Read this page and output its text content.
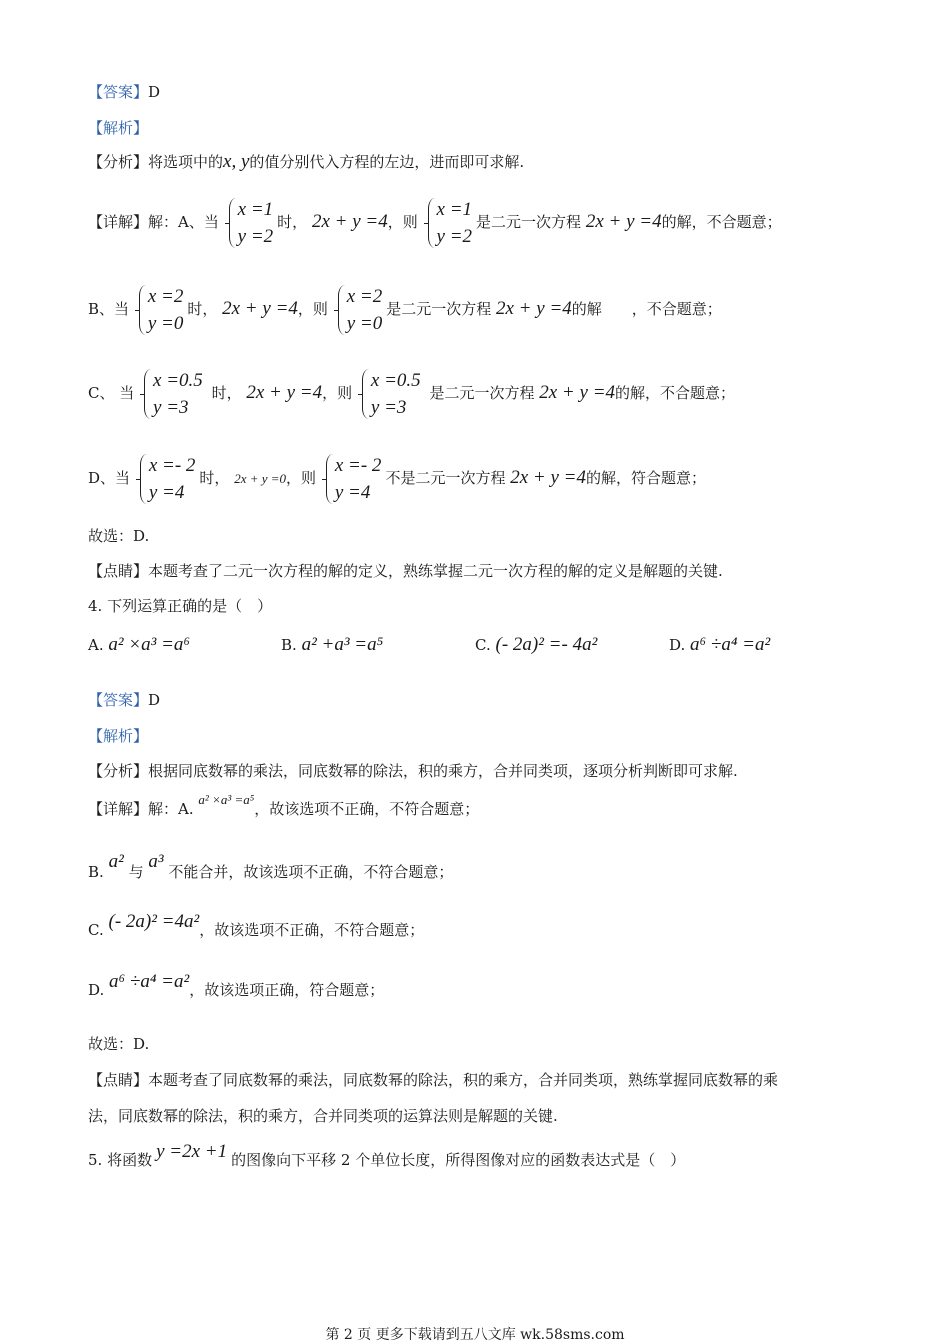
【答案】D
【解析】
【分析】将选项中的x, y的值分别代入方程的左边，进而即可求解.
【详解】解：A、当
x =1
y =2
时， 2x + y =4，则
x =1
y =2
是二元一次方程 2x + y =4的解，不合题意；
B、当
x =2
y =0
时， 2x + y =4，则
x =2
y =0
是二元一次方程 2x + y =4的解　　，不合题意；
C、 当
x =0.5
y =3
时， 2x + y =4，则
x =0.5
y =3
是二元一次方程 2x + y =4的解，不合题意；
D、当
x =- 2
y =4
时， 2x + y =0，则
x =- 2
y =4
不是二元一次方程 2x + y =4的解，符合题意；
故选：D.
【点睛】本题考查了二元一次方程的解的定义，熟练掌握二元一次方程的解的定义是解题的关键.
4. 下列运算正确的是（　）
A. a² ×a³ =a⁶	B. a² +a³ =a⁵	C. (- 2a)² =- 4a²	D. a⁶ ÷a⁴ =a²
【答案】D
【解析】
【分析】根据同底数幂的乘法，同底数幂的除法，积的乘方，合并同类项，逐项分析判断即可求解.
【详解】解：A. a² ×a³ =a⁵，故该选项不正确，不符合题意；
B. a² 与 a³ 不能合并，故该选项不正确，不符合题意；
C. (- 2a)² =4a²，故该选项不正确，不符合题意；
D. a⁶ ÷a⁴ =a²，故该选项正确，符合题意；
故选：D.
【点睛】本题考查了同底数幂的乘法，同底数幂的除法，积的乘方，合并同类项，熟练掌握同底数幂的乘
法，同底数幂的除法，积的乘方，合并同类项的运算法则是解题的关键.
5. 将函数 y =2x +1 的图像向下平移 2 个单位长度，所得图像对应的函数表达式是（　）
第 2 页 更多下载请到五八文库 wk.58sms.com
